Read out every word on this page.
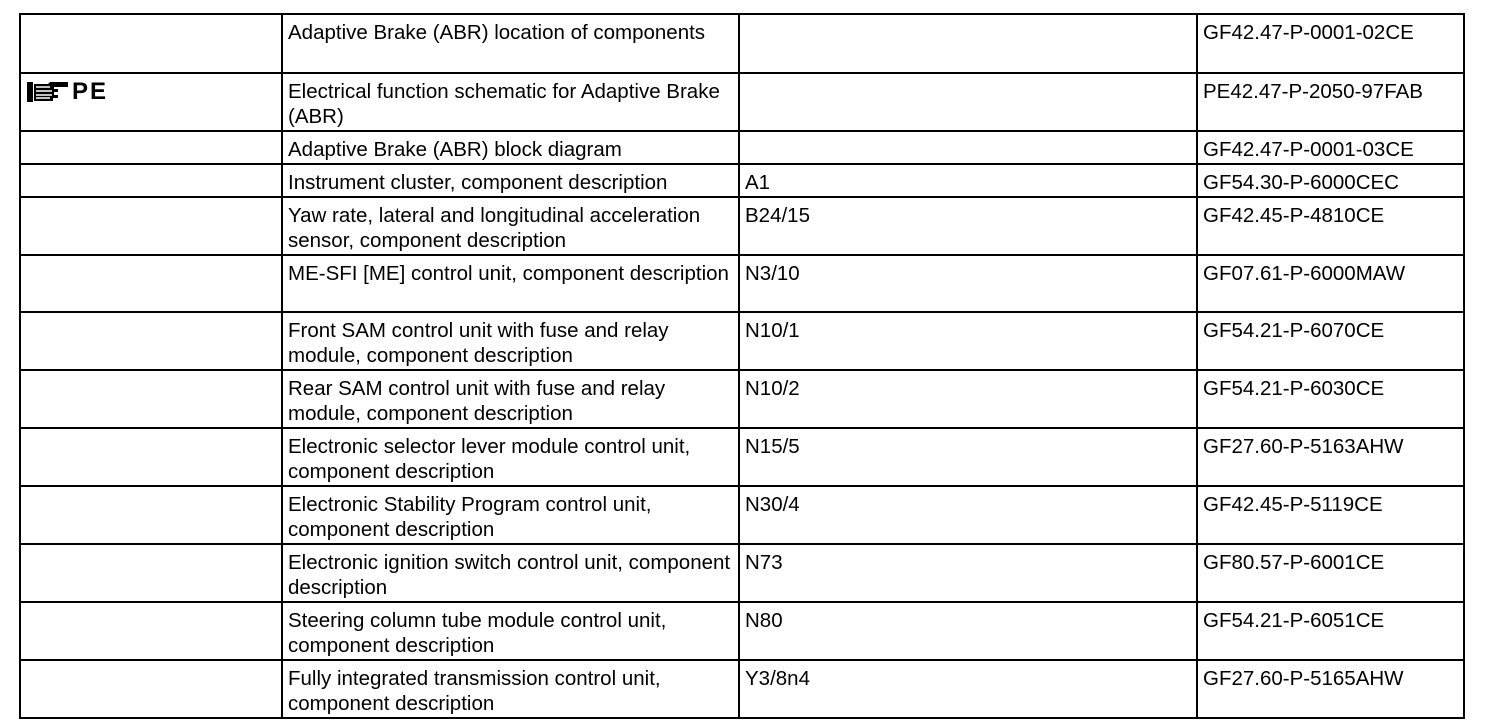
	Adaptive Brake (ABR) location of components		GF42.47-P-0001-02CE

PE	Electrical function schematic for Adaptive Brake (ABR)		PE42.47-P-2050-97FAB
	Adaptive Brake (ABR) block diagram		GF42.47-P-0001-03CE
	Instrument cluster, component description	A1	GF54.30-P-6000CEC
	Yaw rate, lateral and longitudinal acceleration sensor, component description	B24/15	GF42.45-P-4810CE
	ME-SFI [ME] control unit, component description	N3/10	GF07.61-P-6000MAW
	Front SAM control unit with fuse and relay module, component description	N10/1	GF54.21-P-6070CE
	Rear SAM control unit with fuse and relay module, component description	N10/2	GF54.21-P-6030CE
	Electronic selector lever module control unit, component description	N15/5	GF27.60-P-5163AHW
	Electronic Stability Program control unit, component description	N30/4	GF42.45-P-5119CE
	Electronic ignition switch control unit, component description	N73	GF80.57-P-6001CE
	Steering column tube module control unit, component description	N80	GF54.21-P-6051CE
	Fully integrated transmission control unit, component description	Y3/8n4	GF27.60-P-5165AHW
